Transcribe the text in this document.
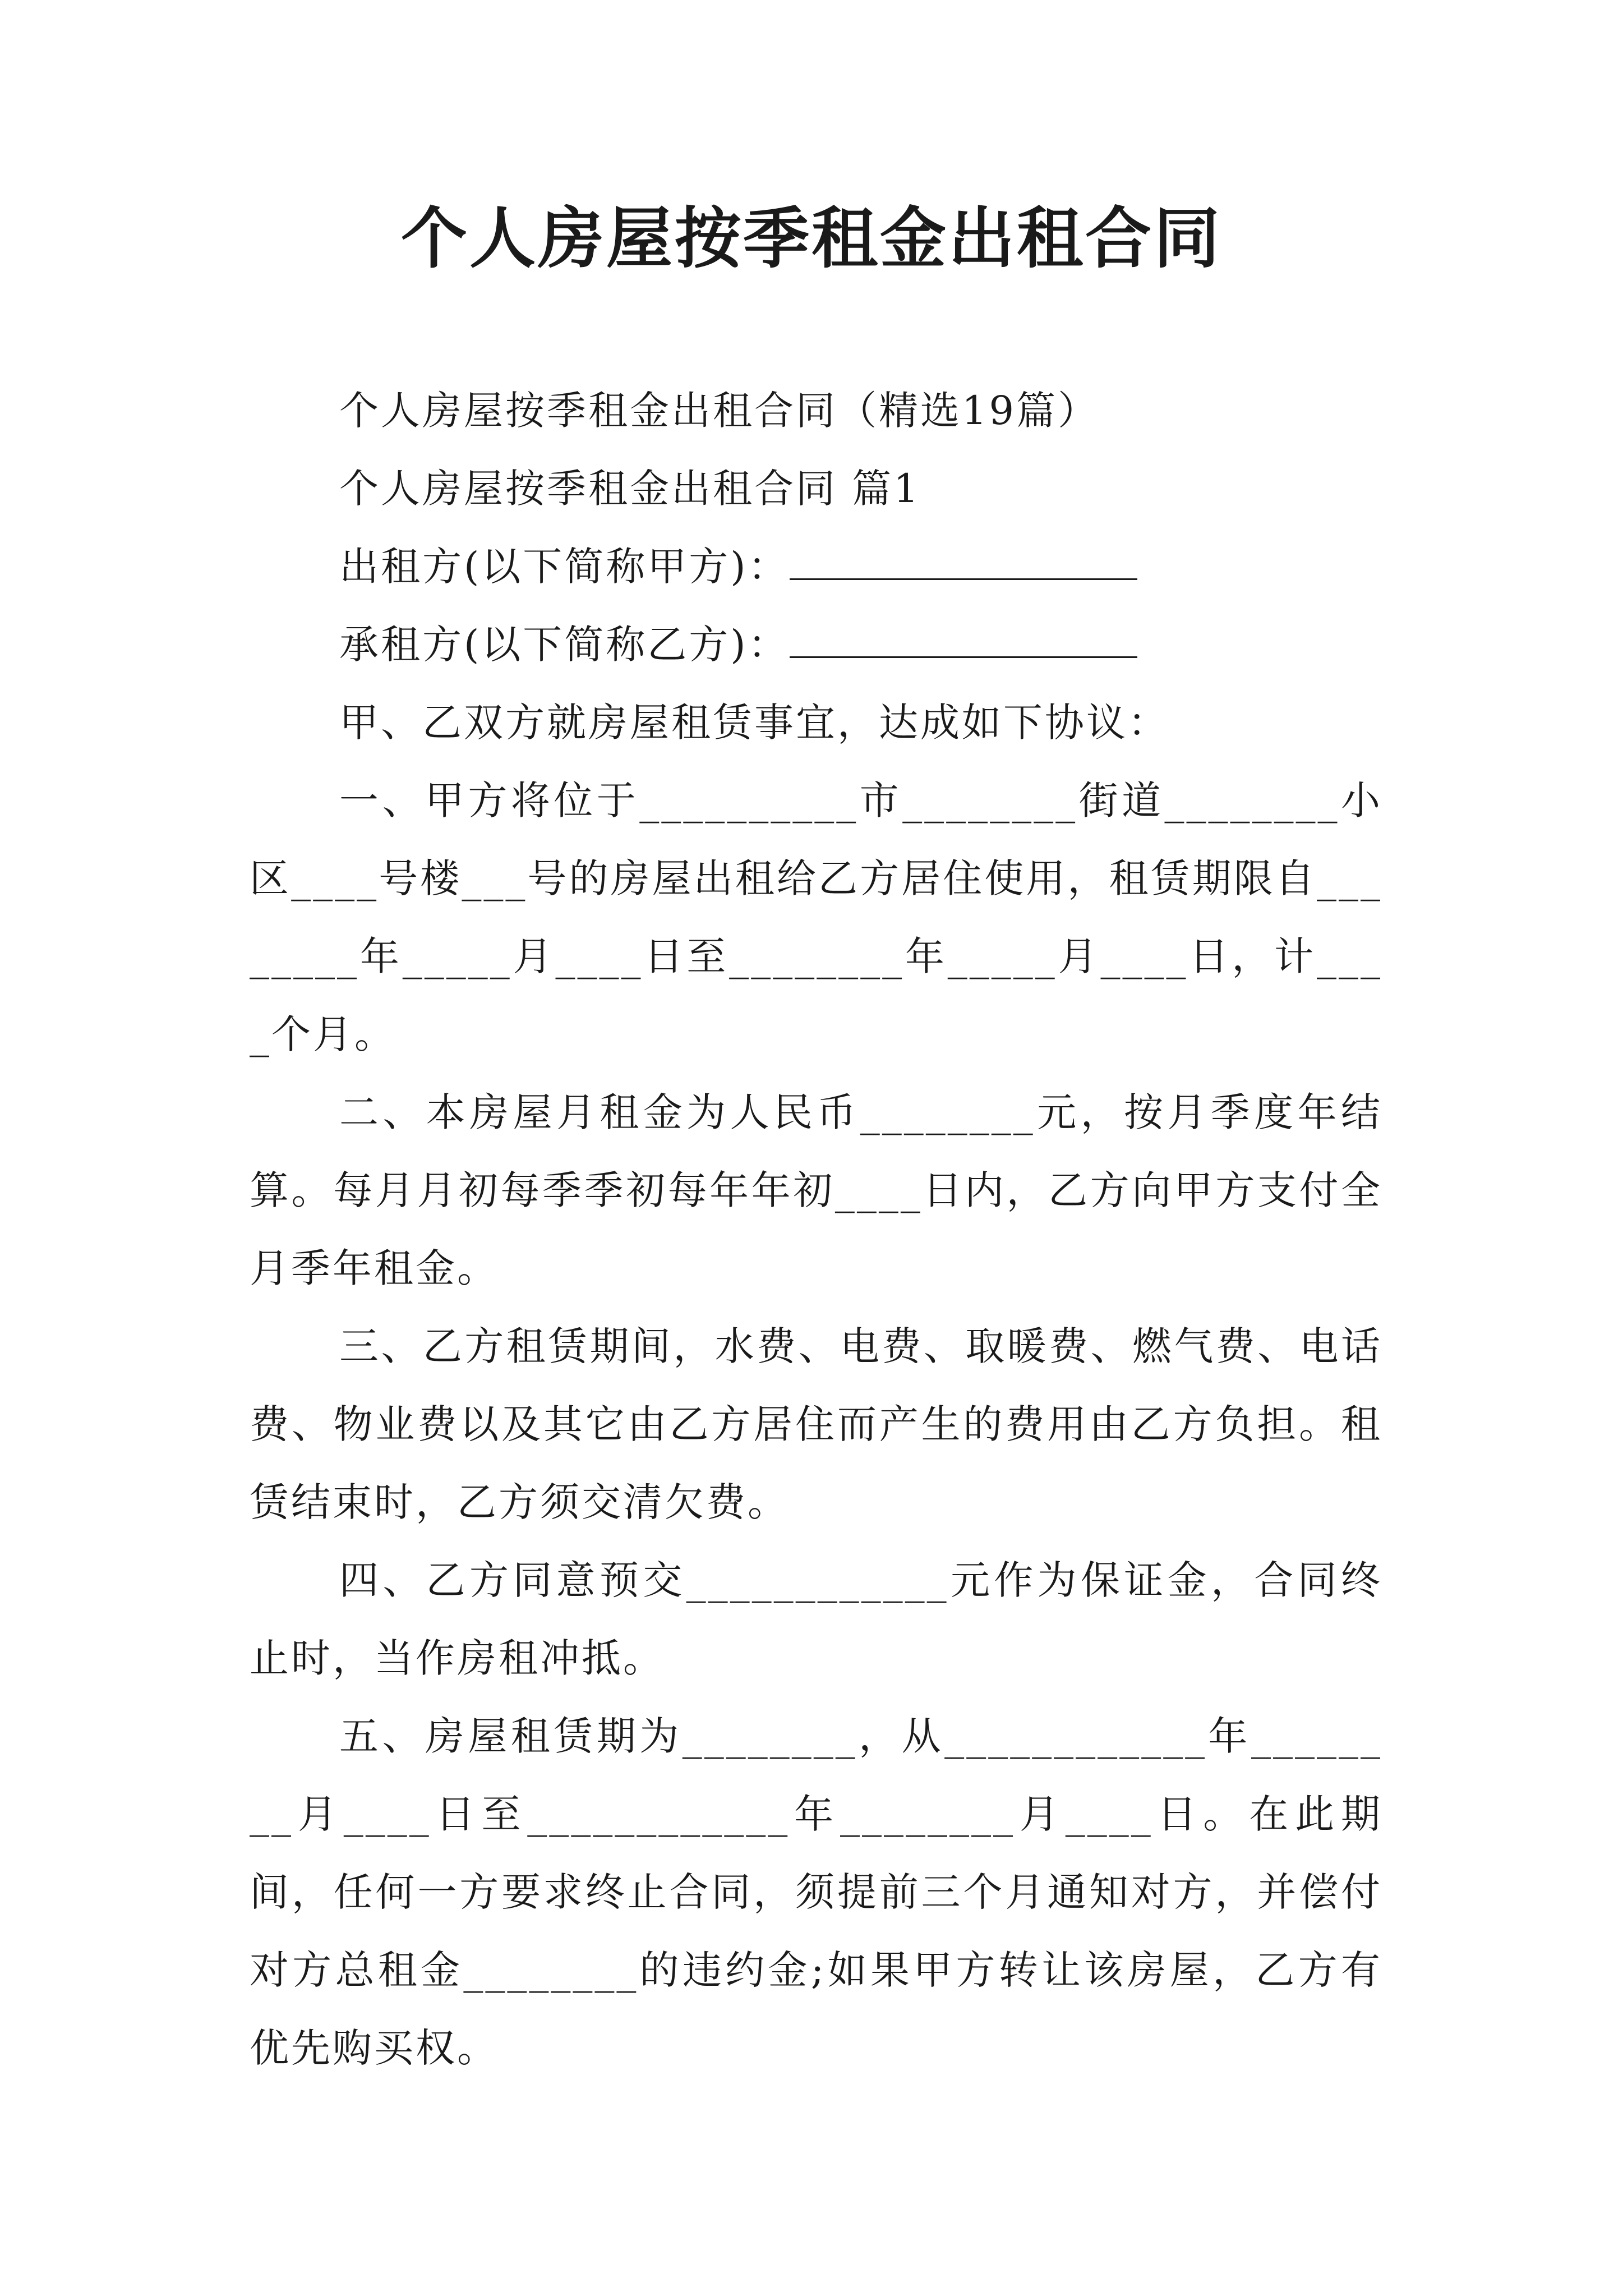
个人房屋按季租金出租合同

个人房屋按季租金出租合同（精选19篇）

个人房屋按季租金出租合同 篇1

出租方(以下简称甲方)：

承租方(以下简称乙方)：

甲、乙双方就房屋租赁事宜，达成如下协议：

一、甲方将位于__________市________街道________小区____号楼___号的房屋出租给乙方居住使用，租赁期限自________年_____月____日至________年_____月____日，计____个月。

二、本房屋月租金为人民币________元，按月季度年结算。每月月初每季季初每年年初____日内，乙方向甲方支付全月季年租金。

三、乙方租赁期间，水费、电费、取暖费、燃气费、电话费、物业费以及其它由乙方居住而产生的费用由乙方负担。租赁结束时，乙方须交清欠费。

四、乙方同意预交____________元作为保证金，合同终止时，当作房租冲抵。

五、房屋租赁期为________，从____________年________月____日至____________年________月____日。在此期间，任何一方要求终止合同，须提前三个月通知对方，并偿付对方总租金________的违约金;如果甲方转让该房屋，乙方有优先购买权。
